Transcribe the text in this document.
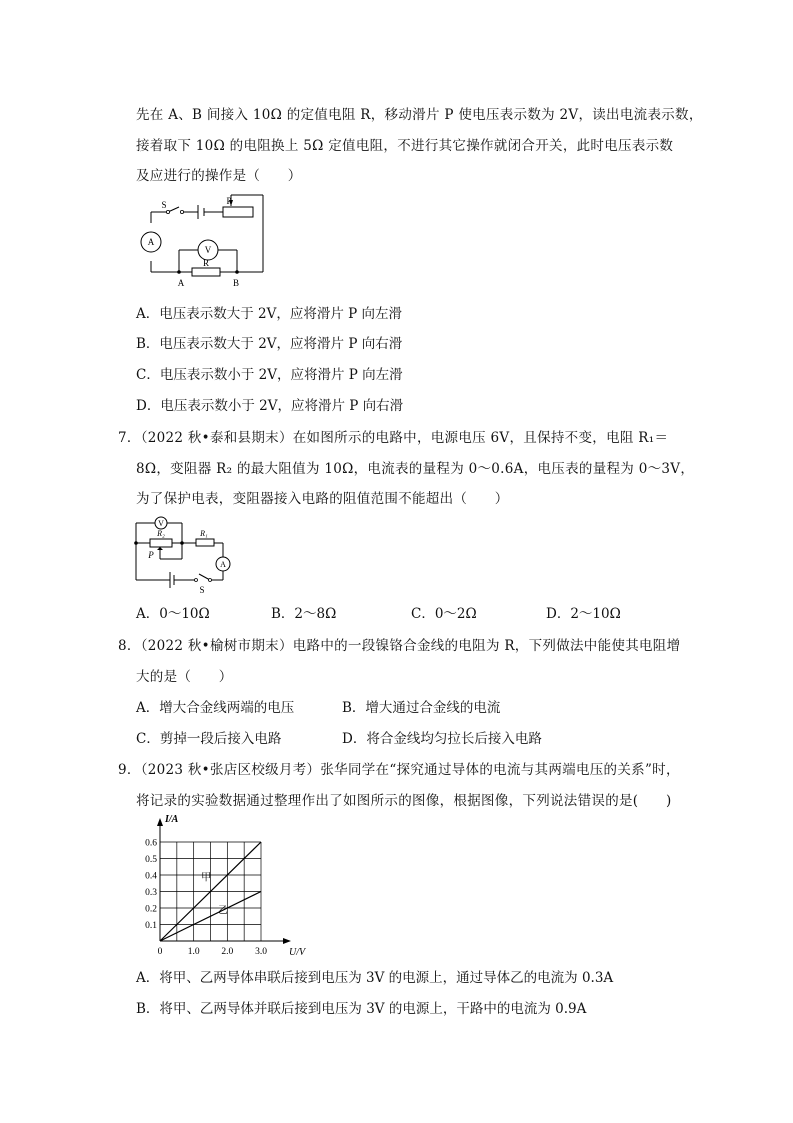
先在 A、B 间接入 10Ω 的定值电阻 R，移动滑片 P 使电压表示数为 2V，读出电流表示数，
接着取下 10Ω 的电阻换上 5Ω 定值电阻，不进行其它操作就闭合开关，此时电压表示数
及应进行的操作是（　　）
S	P
A
V
R
A	B
A．电压表示数大于 2V，应将滑片 P 向左滑
B．电压表示数大于 2V，应将滑片 P 向右滑
C．电压表示数小于 2V，应将滑片 P 向左滑
D．电压表示数小于 2V，应将滑片 P 向右滑
7．（2022 秋•泰和县期末）在如图所示的电路中，电源电压 6V，且保持不变，电阻 R₁＝
8Ω，变阻器 R₂ 的最大阻值为 10Ω，电流表的量程为 0～0.6A，电压表的量程为 0～3V，
为了保护电表，变阻器接入电路的阻值范围不能超出（　　）
V
R₂	R₁
P
A
S
A．0～10Ω	B．2～8Ω	C．0～2Ω	D．2～10Ω
8．（2022 秋•榆树市期末）电路中的一段镍铬合金线的电阻为 R，下列做法中能使其电阻增
大的是（　　）
A．增大合金线两端的电压	B．增大通过合金线的电流
C．剪掉一段后接入电路	D．将合金线均匀拉长后接入电路
9．（2023 秋•张店区校级月考）张华同学在“探究通过导体的电流与其两端电压的关系”时，
将记录的实验数据通过整理作出了如图所示的图像，根据图像，下列说法错误的是(　　)
I/A
U/V
0.1
0.2
0.3
0.4
0.5
0.6
0	1.0 2.0 3.0
甲
乙
A．将甲、乙两导体串联后接到电压为 3V 的电源上，通过导体乙的电流为 0.3A
B．将甲、乙两导体并联后接到电压为 3V 的电源上，干路中的电流为 0.9A
